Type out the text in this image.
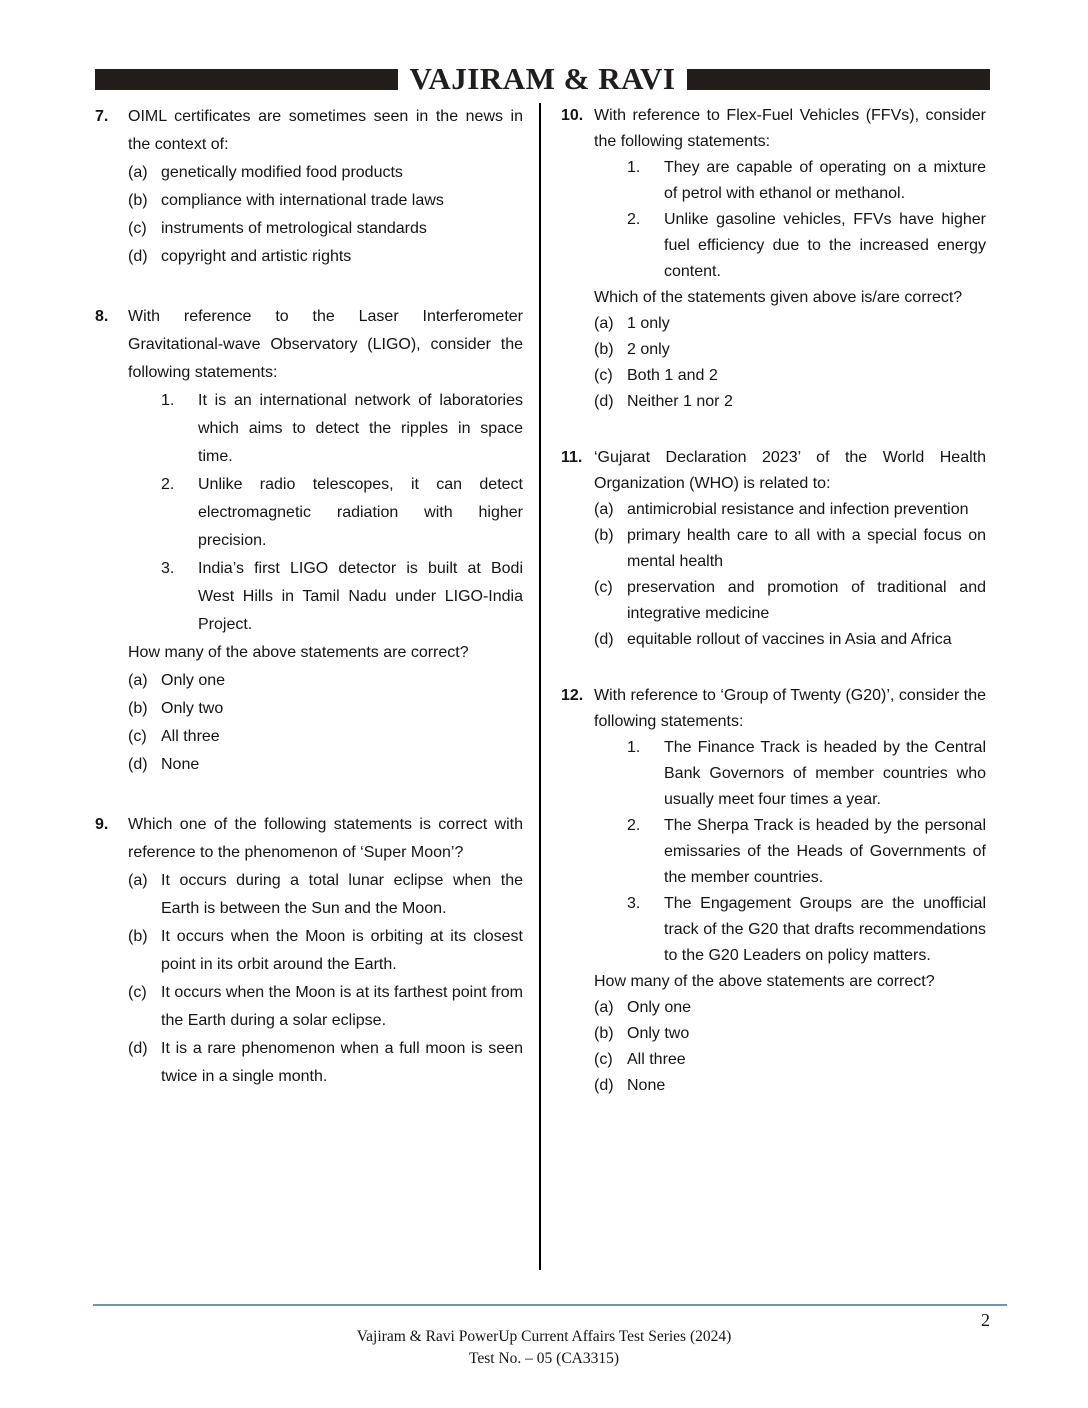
VAJIRAM & RAVI
7.	OIML certificates are sometimes seen in the news in the context of:
(a) genetically modified food products
(b) compliance with international trade laws
(c) instruments of metrological standards
(d) copyright and artistic rights
8.	With reference to the Laser Interferometer Gravitational-wave Observatory (LIGO), consider the following statements:
1.	It is an international network of laboratories which aims to detect the ripples in space time.
2.	Unlike radio telescopes, it can detect electromagnetic radiation with higher precision.
3.	India’s first LIGO detector is built at Bodi West Hills in Tamil Nadu under LIGO-India Project.
How many of the above statements are correct?
(a) Only one
(b) Only two
(c) All three
(d) None
9.	Which one of the following statements is correct with reference to the phenomenon of ‘Super Moon’?
(a) It occurs during a total lunar eclipse when the Earth is between the Sun and the Moon.
(b) It occurs when the Moon is orbiting at its closest point in its orbit around the Earth.
(c) It occurs when the Moon is at its farthest point from the Earth during a solar eclipse.
(d) It is a rare phenomenon when a full moon is seen twice in a single month.
10. With reference to Flex-Fuel Vehicles (FFVs), consider the following statements:
1.	They are capable of operating on a mixture of petrol with ethanol or methanol.
2.	Unlike gasoline vehicles, FFVs have higher fuel efficiency due to the increased energy content.
Which of the statements given above is/are correct?
(a) 1 only
(b) 2 only
(c) Both 1 and 2
(d) Neither 1 nor 2
11. ‘Gujarat Declaration 2023’ of the World Health Organization (WHO) is related to:
(a) antimicrobial resistance and infection prevention
(b) primary health care to all with a special focus on mental health
(c) preservation and promotion of traditional and integrative medicine
(d) equitable rollout of vaccines in Asia and Africa
12. With reference to ‘Group of Twenty (G20)’, consider the following statements:
1.	The Finance Track is headed by the Central Bank Governors of member countries who usually meet four times a year.
2.	The Sherpa Track is headed by the personal emissaries of the Heads of Governments of the member countries.
3.	The Engagement Groups are the unofficial track of the G20 that drafts recommendations to the G20 Leaders on policy matters.
How many of the above statements are correct?
(a) Only one
(b) Only two
(c) All three
(d) None
2
Vajiram & Ravi PowerUp Current Affairs Test Series (2024)
Test No. – 05 (CA3315)
